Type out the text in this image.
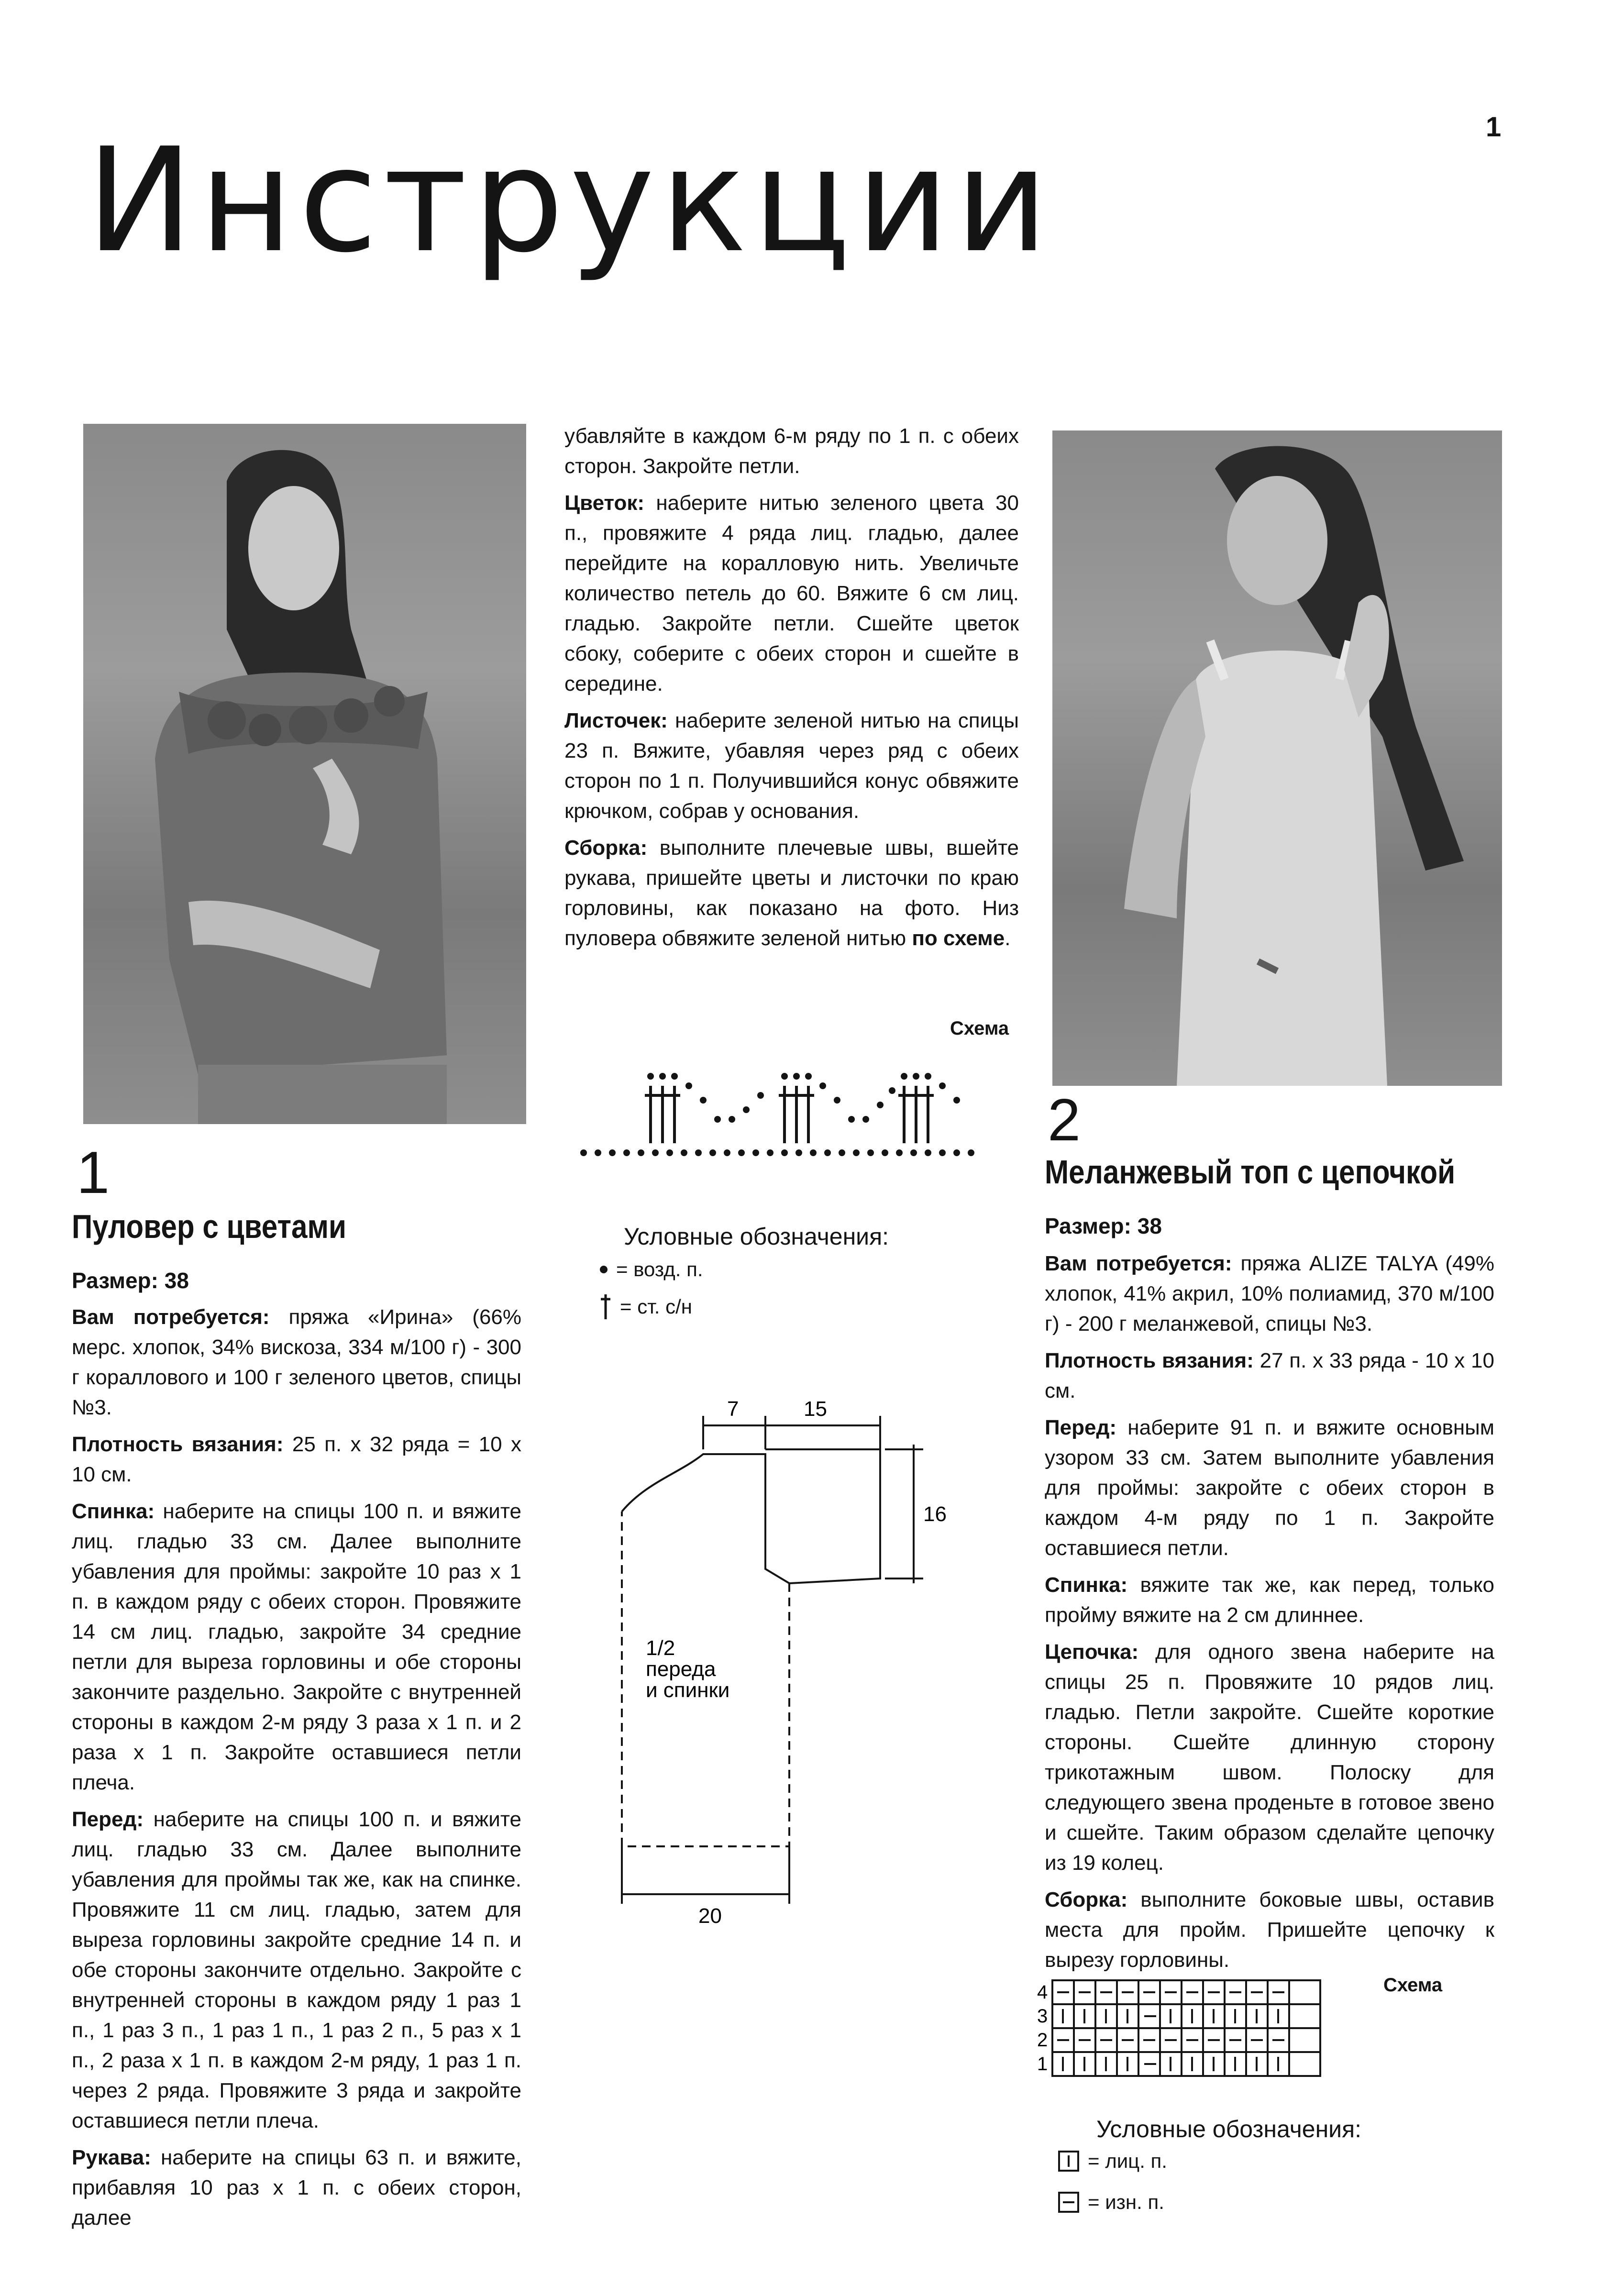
1
Инструкции
1
Пуловер с цветами
Размер: 38

Вам потребуется: пряжа «Ирина» (66% мерс. хлопок, 34% вискоза, 334 м/100 г) - 300 г кораллового и 100 г зеленого цветов, спицы №3.

Плотность вязания: 25 п. х 32 ряда = 10 х 10 см.

Спинка: наберите на спицы 100 п. и вяжите лиц. гладью 33 см. Далее выполните убавления для проймы: закройте 10 раз х 1 п. в каждом ряду с обеих сторон. Провяжите 14 см лиц. гладью, закройте 34 средние петли для выреза горловины и обе стороны закончите раздельно. Закройте с внутренней стороны в каждом 2-м ряду 3 раза х 1 п. и 2 раза х 1 п. Закройте оставшиеся петли плеча.

Перед: наберите на спицы 100 п. и вяжите лиц. гладью 33 см. Далее выполните убавления для проймы так же, как на спинке. Провяжите 11 см лиц. гладью, затем для выреза горловины закройте средние 14 п. и обе стороны закончите отдельно. Закройте с внутренней стороны в каждом ряду 1 раз 1 п., 1 раз 3 п., 1 раз 1 п., 1 раз 2 п., 5 раз х 1 п., 2 раза х 1 п. в каждом 2-м ряду, 1 раз 1 п. через 2 ряда. Провяжите 3 ряда и закройте оставшиеся петли плеча.

Рукава: наберите на спицы 63 п. и вяжите, прибавляя 10 раз х 1 п. с обеих сторон, далее

убавляйте в каждом 6-м ряду по 1 п. с обеих сторон. Закройте петли.

Цветок: наберите нитью зеленого цвета 30 п., провяжите 4 ряда лиц. гладью, далее перейдите на коралловую нить. Увеличьте количество петель до 60. Вяжите 6 см лиц. гладью. Закройте петли. Сшейте цветок сбоку, соберите с обеих сторон и сшейте в середине.

Листочек: наберите зеленой нитью на спицы 23 п. Вяжите, убавляя через ряд с обеих сторон по 1 п. Получившийся конус обвяжите крючком, собрав у основания.

Сборка: выполните плечевые швы, вшейте рукава, пришейте цветы и листочки по краю горловины, как показано на фото. Низ пуловера обвяжите зеленой нитью по схеме.

Схема
Условные обозначения:
= возд. п.
= ст. с/н
7	15
16
20
1/2
переда
и спинки
2
Меланжевый топ с цепочкой
Размер: 38

Вам потребуется: пряжа ALIZE TALYA (49% хлопок, 41% акрил, 10% полиамид, 370 м/100 г) - 200 г меланжевой, спицы №3.

Плотность вязания: 27 п. х 33 ряда - 10 х 10 см.

Перед: наберите 91 п. и вяжите основным узором 33 см. Затем выполните убавления для проймы: закройте с обеих сторон в каждом 4-м ряду по 1 п. Закройте оставшиеся петли.

Спинка: вяжите так же, как перед, только пройму вяжите на 2 см длиннее.

Цепочка: для одного звена наберите на спицы 25 п. Провяжите 10 рядов лиц. гладью. Петли закройте. Сшейте короткие стороны. Сшейте длинную сторону трикотажным швом. Полоску для следующего звена проденьте в готовое звено и сшейте. Таким образом сделайте цепочку из 19 колец.

Сборка: выполните боковые швы, оставив места для пройм. Пришейте цепочку к вырезу горловины.

Схема
4
3
2
1
Условные обозначения:
= лиц. п.
= изн. п.
